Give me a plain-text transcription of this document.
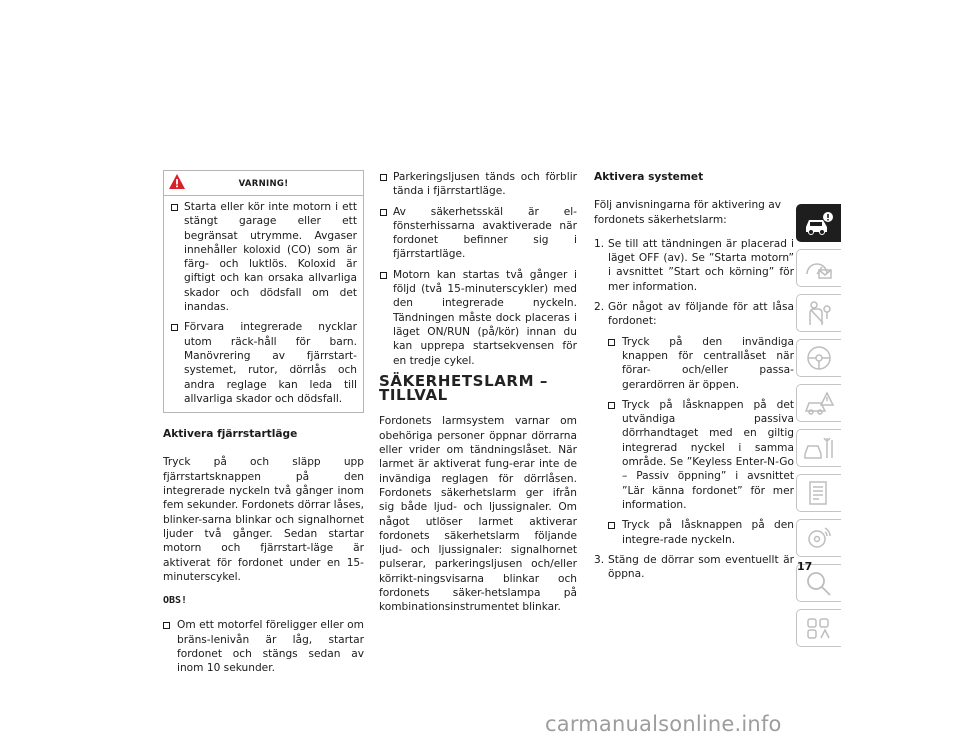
VARNING!
Starta eller kör inte motorn i ett stängt garage eller ett begränsat utrymme. Avgaser innehåller koloxid (CO) som är färg- och luktlös. Koloxid är giftigt och kan orsaka allvarliga skador och dödsfall om det inandas.
Förvara integrerade nycklar utom räck-håll för barn. Manövrering av fjärrstart-systemet, rutor, dörrlås och andra reglage kan leda till allvarliga skador och dödsfall.
Aktivera fjärrstartläge

Tryck på och släpp upp fjärrstartsknappen på den integrerade nyckeln två gånger inom fem sekunder. Fordonets dörrar låses, blinker-sarna blinkar och signalhornet ljuder två gånger. Sedan startar motorn och fjärrstart-läge är aktiverat för fordonet under en 15-minuterscykel.

OBS!
Om ett motorfel föreligger eller om bräns-lenivån är låg, startar fordonet och stängs sedan av inom 10 sekunder.
Parkeringsljusen tänds och förblir tända i fjärrstartläge.
Av säkerhetsskäl är el-fönsterhissarna avaktiverade när fordonet befinner sig i fjärrstartläge.
Motorn kan startas två gånger i följd (två 15-minuterscykler) med den integrerade nyckeln. Tändningen måste dock placeras i läget ON/RUN (på/kör) innan du kan upprepa startsekvensen för en tredje cykel.
SÄKERHETSLARM – TILLVAL

Fordonets larmsystem varnar om obehöriga personer öppnar dörrarna eller vrider om tändningslåset. När larmet är aktiverat fung-erar inte de invändiga reglagen för dörrlåsen. Fordonets säkerhetslarm ger ifrån sig både ljud- och ljussignaler. Om något utlöser larmet aktiverar fordonets säkerhetslarm följande ljud- och ljussignaler: signalhornet pulserar, parkeringsljusen och/eller körrikt-ningsvisarna blinkar och fordonets säker-hetslampa på kombinationsinstrumentet blinkar.

Aktivera systemet

Följ anvisningarna för aktivering av fordonets säkerhetslarm:

1. Se till att tändningen är placerad i läget OFF (av). Se ”Starta motorn” i avsnittet ”Start och körning” för mer information.
2. Gör något av följande för att låsa fordonet:
Tryck på den invändiga knappen för centrallåset när förar- och/eller passa-gerardörren är öppen.
Tryck på låsknappen på det utvändiga passiva dörrhandtaget med en giltig integrerad nyckel i samma område. Se ”Keyless Enter-N-Go – Passiv öppning” i avsnittet ”Lär känna fordonet” för mer information.
Tryck på låsknappen på den integre-rade nyckeln.
3. Stäng de dörrar som eventuellt är öppna.
17
carmanualsonline.info
